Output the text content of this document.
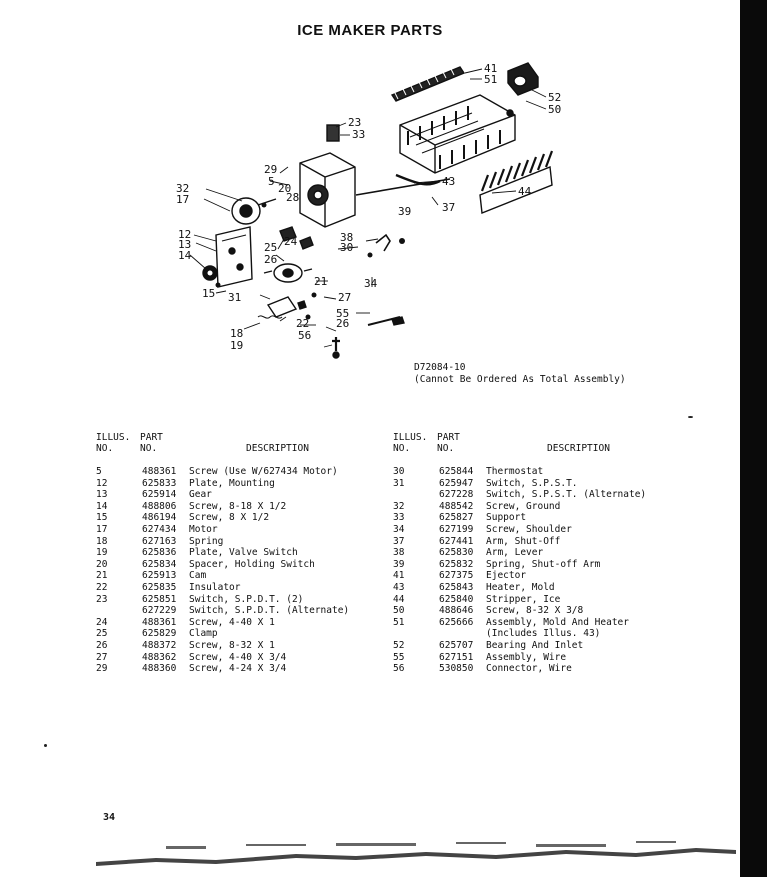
ICE MAKER PARTS
41
51
52
50
23
33
29
5
20
28
32
17
43
44
37
39
12
13
14
15
25
26
24	30
38
34
21
31	27
55
18
19
22 26
56
D72084-10
(Cannot Be Ordered As Total Assembly)
ILLUS.
NO.
PART
NO.	DESCRIPTION
5	488361 Screw (Use W/627434 Motor)
12	625833 Plate, Mounting
13	625914 Gear
14	488806 Screw, 8-18 X 1/2
15	486194 Screw, 8 X 1/2
17	627434 Motor
18	627163 Spring
19	625836 Plate, Valve Switch
20	625834 Spacer, Holding Switch
21	625913 Cam
22	625835 Insulator
23	625851 Switch, S.P.D.T. (2)
627229 Switch, S.P.D.T. (Alternate)
24	488361 Screw, 4-40 X 1
25	625829 Clamp
26	488372 Screw, 8-32 X 1
27	488362 Screw, 4-40 X 3/4
29	488360 Screw, 4-24 X 3/4
ILLUS.
NO.
PART
NO.	DESCRIPTION
30	625844 Thermostat
31	625947 Switch, S.P.S.T.
627228 Switch, S.P.S.T. (Alternate)
32	488542 Screw, Ground
33	625827 Support
34	627199 Screw, Shoulder
37	627441 Arm, Shut-Off
38	625830 Arm, Lever
39	625832 Spring, Shut-off Arm
41	627375 Ejector
43	625843 Heater, Mold
44	625840 Stripper, Ice
50	488646 Screw, 8-32 X 3/8
51	625666 Assembly, Mold And Heater
(Includes Illus. 43)
52	625707 Bearing And Inlet
55	627151 Assembly, Wire
56	530850 Connector, Wire
34
